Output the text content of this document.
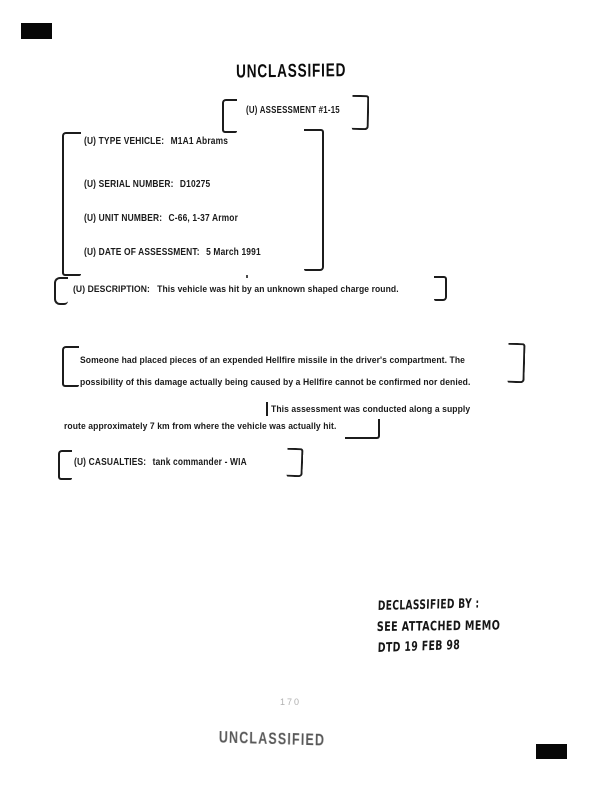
UNCLASSIFIED
(U) ASSESSMENT #1-15
(U) TYPE VEHICLE: M1A1 Abrams
(U) SERIAL NUMBER: D10275
(U) UNIT NUMBER: C-66, 1-37 Armor
(U) DATE OF ASSESSMENT: 5 March 1991
(U) DESCRIPTION: This vehicle was hit by an unknown shaped charge round.
Someone had placed pieces of an expended Hellfire missile in the driver's compartment. The
possibility of this damage actually being caused by a Hellfire cannot be confirmed nor denied.
This assessment was conducted along a supply
route approximately 7 km from where the vehicle was actually hit.
(U) CASUALTIES: tank commander - WIA
DECLASSIFIED BY :
SEE ATTACHED MEMO
DTD 19 FEB 98
170
UNCLASSIFIED
